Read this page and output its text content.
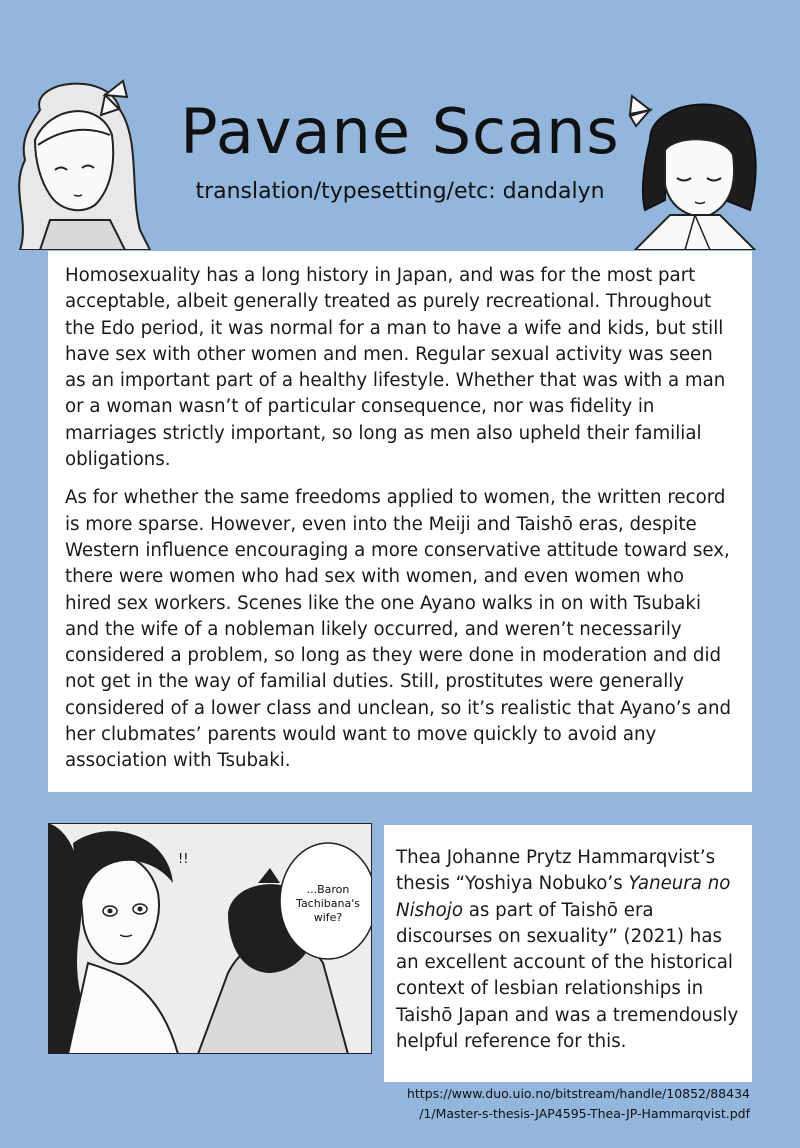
Pavane Scans
translation/typesetting/etc: dandalyn

Homosexuality has a long history in Japan, and was for the most part acceptable, albeit generally treated as purely recreational. Throughout the Edo period, it was normal for a man to have a wife and kids, but still have sex with other women and men. Regular sexual activity was seen as an important part of a healthy lifestyle. Whether that was with a man or a woman wasn’t of particular consequence, nor was fidelity in marriages strictly important, so long as men also upheld their familial obligations.

As for whether the same freedoms applied to women, the written record is more sparse. However, even into the Meiji and Taishō eras, despite Western influence encouraging a more conservative attitude toward sex, there were women who had sex with women, and even women who hired sex workers. Scenes like the one Ayano walks in on with Tsubaki and the wife of a nobleman likely occurred, and weren’t necessarily considered a problem, so long as they were done in moderation and did not get in the way of familial duties. Still, prostitutes were generally considered of a lower class and unclean, so it’s realistic that Ayano’s and her clubmates’ parents would want to move quickly to avoid any association with Tsubaki.

!!
...Baron
Tachibana's
wife?
Thea Johanne Prytz Hammarqvist’s thesis “Yoshiya Nobuko’s Yaneura no Nishojo as part of Taishō era discourses on sexuality” (2021) has an excellent account of the historical context of lesbian relationships in Taishō Japan and was a tremendously helpful reference for this.
https://www.duo.uio.no/bitstream/handle/10852/88434
/1/Master-s-thesis-JAP4595-Thea-JP-Hammarqvist.pdf
